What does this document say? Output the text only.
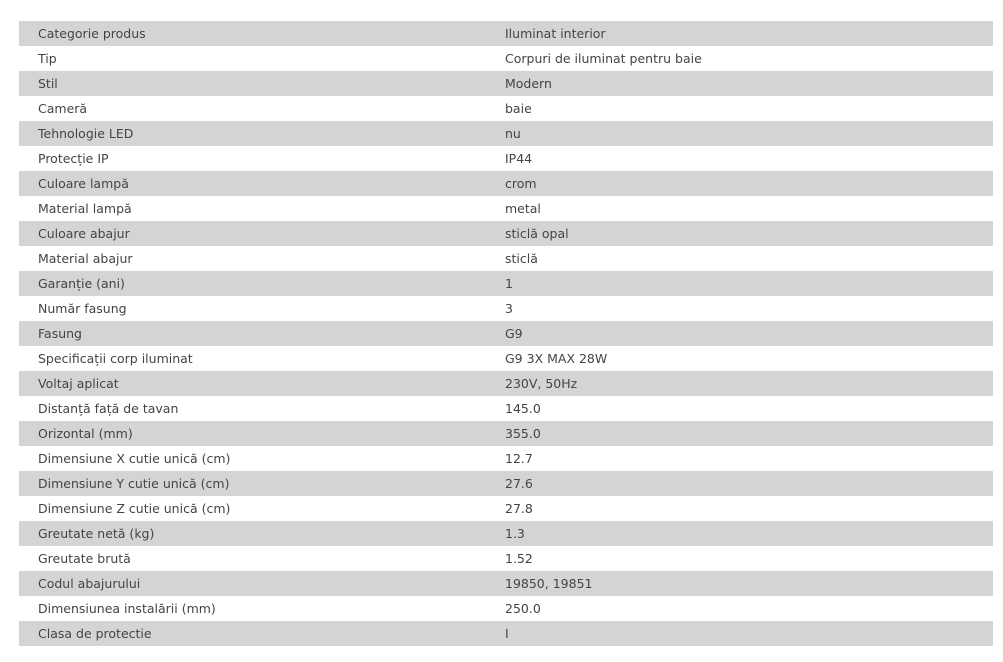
Categorie produs	Iluminat interior
Tip	Corpuri de iluminat pentru baie
Stil	Modern
Cameră	baie
Tehnologie LED	nu
Protecție IP	IP44
Culoare lampă	crom
Material lampă	metal
Culoare abajur	sticlă opal
Material abajur	sticlă
Garanție (ani)	1
Număr fasung	3
Fasung	G9
Specificații corp iluminat	G9 3X MAX 28W
Voltaj aplicat	230V, 50Hz
Distanță față de tavan	145.0
Orizontal (mm)	355.0
Dimensiune X cutie unică (cm)	12.7
Dimensiune Y cutie unică (cm)	27.6
Dimensiune Z cutie unică (cm)	27.8
Greutate netă (kg)	1.3
Greutate brută	1.52
Codul abajurului	19850, 19851
Dimensiunea instalării (mm)	250.0
Clasa de protectie	I
